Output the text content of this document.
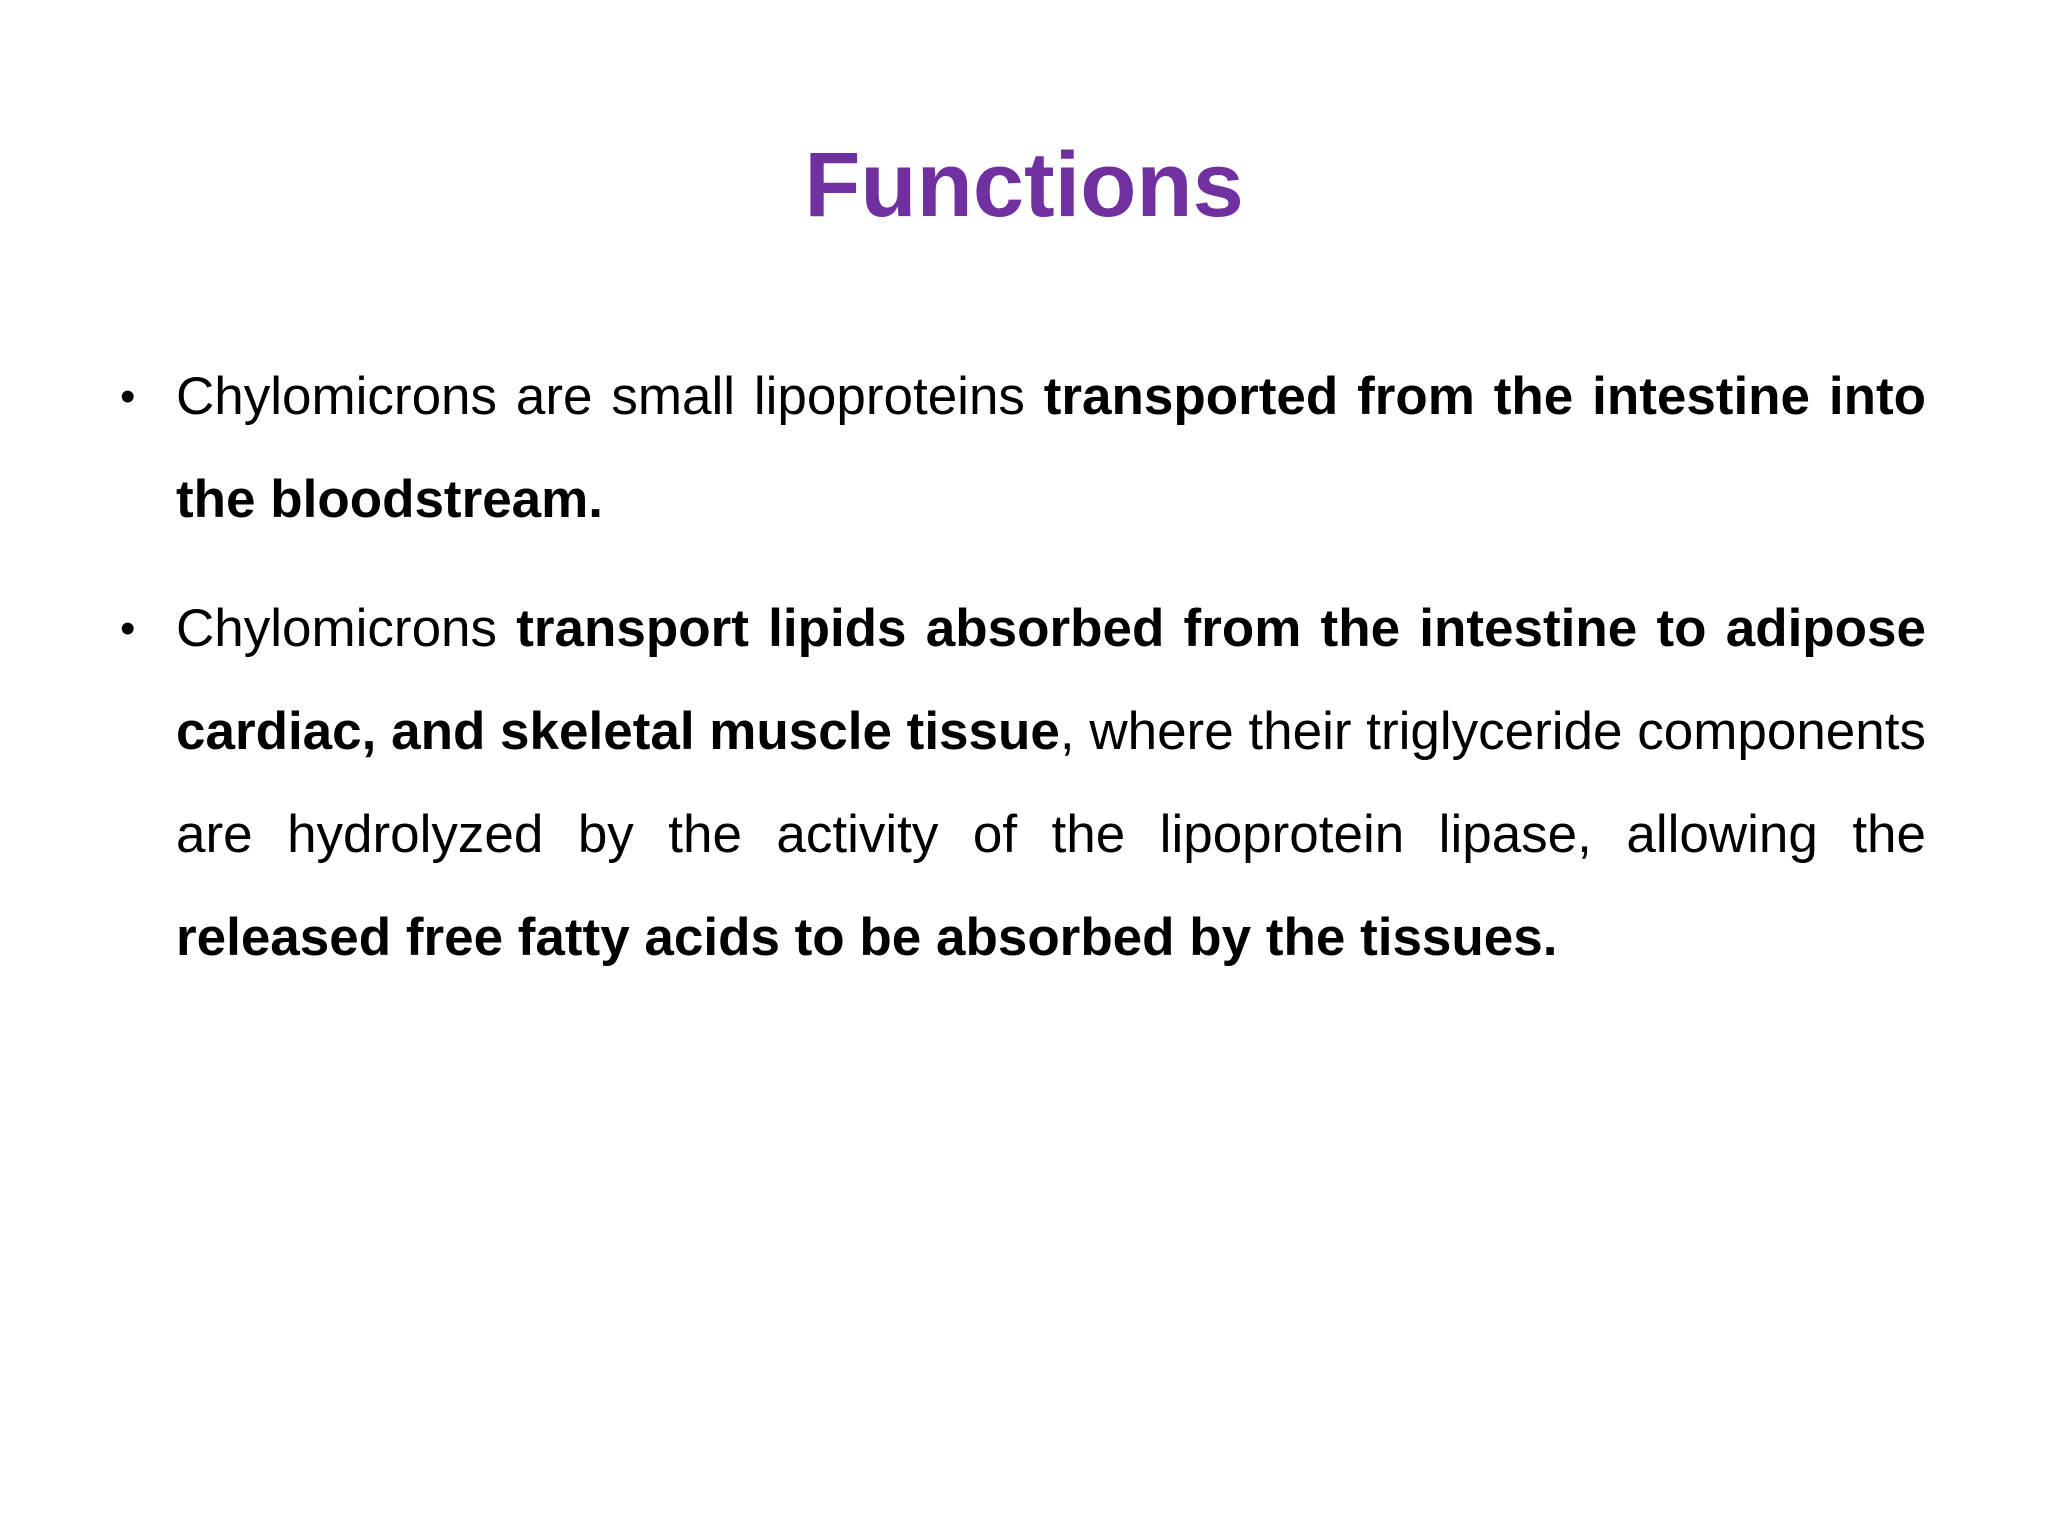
Functions
• Chylomicrons are small lipoproteins transported from the intestine into the bloodstream.
• Chylomicrons transport lipids absorbed from the intestine to adipose cardiac, and skeletal muscle tissue, where their triglyceride components are hydrolyzed by the activity of the lipoprotein lipase, allowing the released free fatty acids to be absorbed by the tissues.
